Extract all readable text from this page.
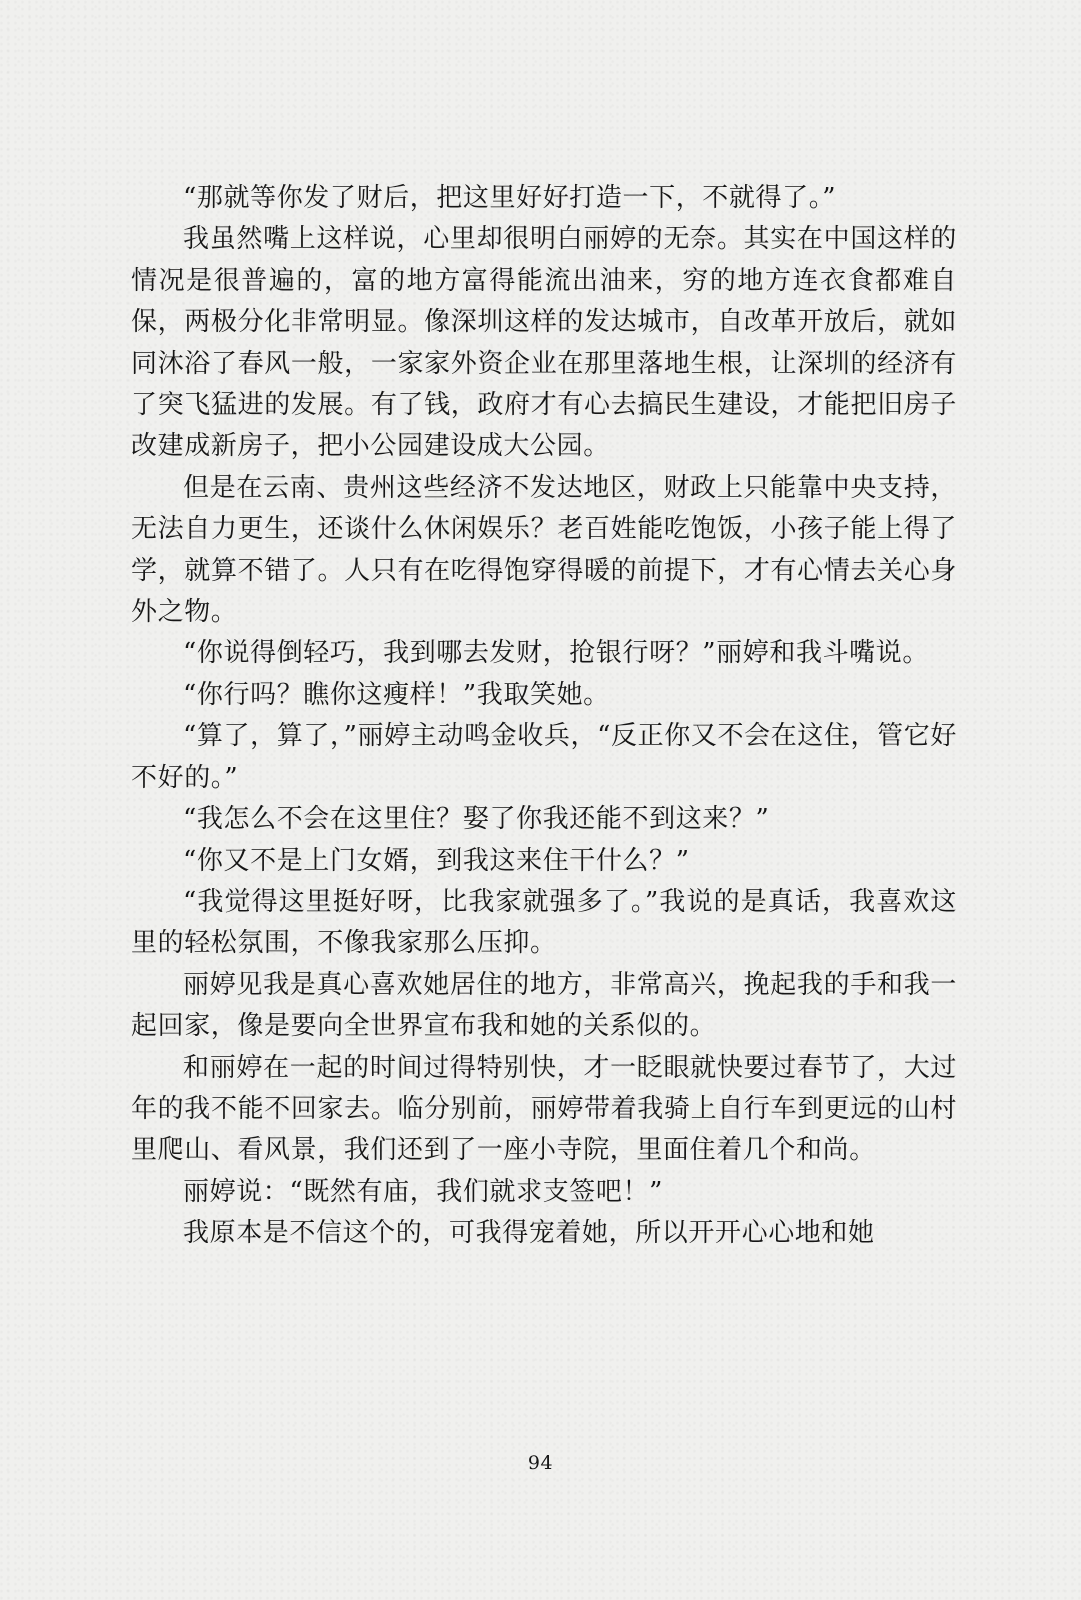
“那就等你发了财后，把这里好好打造一下，不就得了。”

我虽然嘴上这样说，心里却很明白丽婷的无奈。其实在中国这样的情况是很普遍的，富的地方富得能流出油来，穷的地方连衣食都难自保，两极分化非常明显。像深圳这样的发达城市，自改革开放后，就如同沐浴了春风一般，一家家外资企业在那里落地生根，让深圳的经济有了突飞猛进的发展。有了钱，政府才有心去搞民生建设，才能把旧房子改建成新房子，把小公园建设成大公园。

但是在云南、贵州这些经济不发达地区，财政上只能靠中央支持，无法自力更生，还谈什么休闲娱乐？老百姓能吃饱饭，小孩子能上得了学，就算不错了。人只有在吃得饱穿得暖的前提下，才有心情去关心身外之物。

“你说得倒轻巧，我到哪去发财，抢银行呀？”丽婷和我斗嘴说。

“你行吗？瞧你这瘦样！”我取笑她。

“算了，算了，”丽婷主动鸣金收兵，“反正你又不会在这住，管它好不好的。”

“我怎么不会在这里住？娶了你我还能不到这来？”

“你又不是上门女婿，到我这来住干什么？”

“我觉得这里挺好呀，比我家就强多了。”我说的是真话，我喜欢这里的轻松氛围，不像我家那么压抑。

丽婷见我是真心喜欢她居住的地方，非常高兴，挽起我的手和我一起回家，像是要向全世界宣布我和她的关系似的。

和丽婷在一起的时间过得特别快，才一眨眼就快要过春节了，大过年的我不能不回家去。临分别前，丽婷带着我骑上自行车到更远的山村里爬山、看风景，我们还到了一座小寺院，里面住着几个和尚。

丽婷说：“既然有庙，我们就求支签吧！”

我原本是不信这个的，可我得宠着她，所以开开心心地和她

94
